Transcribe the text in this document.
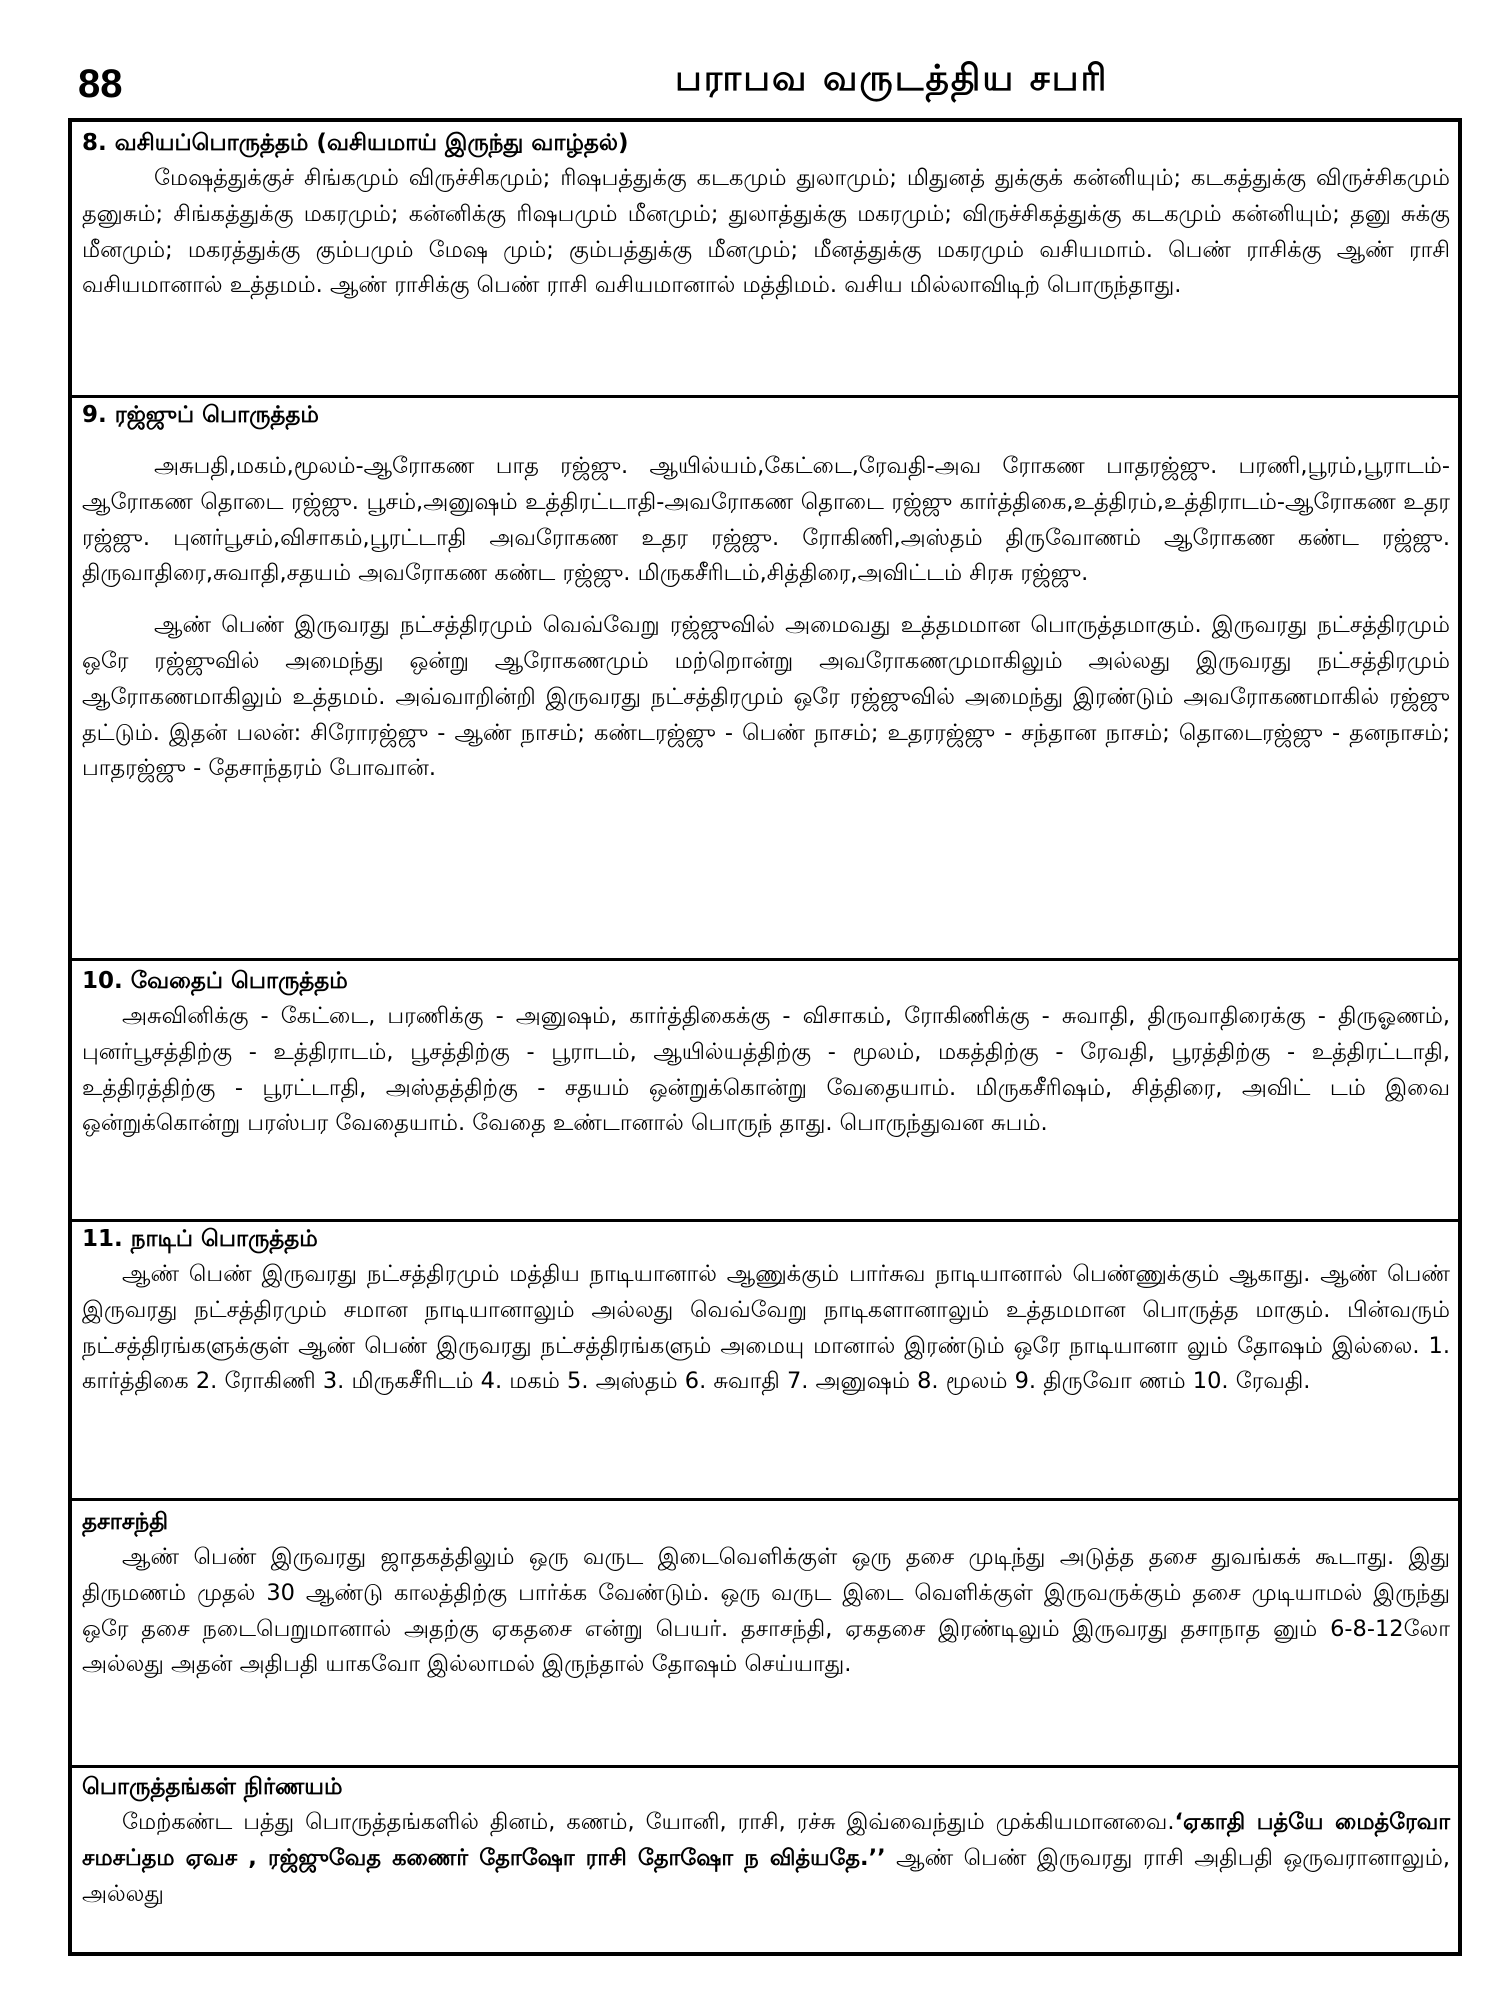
88	பராபவ வருடத்திய சபரி
8. வசியப்பொருத்தம் (வசியமாய் இருந்து வாழ்தல்)

மேஷத்துக்குச் சிங்கமும் விருச்சிகமும்; ரிஷபத்துக்கு கடகமும் துலாமும்; மிதுனத் துக்குக் கன்னியும்; கடகத்துக்கு விருச்சிகமும் தனுசும்; சிங்கத்துக்கு மகரமும்; கன்னிக்கு ரிஷபமும் மீனமும்; துலாத்துக்கு மகரமும்; விருச்சிகத்துக்கு கடகமும் கன்னியும்; தனு சுக்கு மீனமும்; மகரத்துக்கு கும்பமும் மேஷ மும்; கும்பத்துக்கு மீனமும்; மீனத்துக்கு மகரமும் வசியமாம். பெண் ராசிக்கு ஆண் ராசி வசியமானால் உத்தமம். ஆண் ராசிக்கு பெண் ராசி வசியமானால் மத்திமம். வசிய மில்லாவிடிற் பொருந்தாது.

9. ரஜ்ஜுப் பொருத்தம்

அசுபதி,மகம்,மூலம்-ஆரோகண பாத ரஜ்ஜு. ஆயில்யம்,கேட்டை,ரேவதி-அவ ரோகண பாதரஜ்ஜு. பரணி,பூரம்,பூராடம்- ஆரோகண தொடை ரஜ்ஜு. பூசம்,அனுஷம் உத்திரட்டாதி-அவரோகண தொடை ரஜ்ஜு கார்த்திகை,உத்திரம்,உத்திராடம்-ஆரோகண உதர ரஜ்ஜு. புனர்பூசம்,விசாகம்,பூரட்டாதி அவரோகண உதர ரஜ்ஜு. ரோகிணி,அஸ்தம் திருவோணம் ஆரோகண கண்ட ரஜ்ஜு. திருவாதிரை,சுவாதி,சதயம் அவரோகண கண்ட ரஜ்ஜு. மிருகசீரிடம்,சித்திரை,அவிட்டம் சிரசு ரஜ்ஜு.

ஆண் பெண் இருவரது நட்சத்திரமும் வெவ்வேறு ரஜ்ஜுவில் அமைவது உத்தமமான பொருத்தமாகும். இருவரது நட்சத்திரமும் ஒரே ரஜ்ஜுவில் அமைந்து ஒன்று ஆரோகணமும் மற்றொன்று அவரோகணமுமாகிலும் அல்லது இருவரது நட்சத்திரமும் ஆரோகணமாகிலும் உத்தமம். அவ்வாறின்றி இருவரது நட்சத்திரமும் ஒரே ரஜ்ஜுவில் அமைந்து இரண்டும் அவரோகணமாகில் ரஜ்ஜு தட்டும். இதன் பலன்: சிரோரஜ்ஜு - ஆண் நாசம்; கண்டரஜ்ஜு - பெண் நாசம்; உதரரஜ்ஜு - சந்தான நாசம்; தொடைரஜ்ஜு - தனநாசம்; பாதரஜ்ஜு - தேசாந்தரம் போவான்.

10. வேதைப் பொருத்தம்

அசுவினிக்கு - கேட்டை, பரணிக்கு - அனுஷம், கார்த்திகைக்கு - விசாகம், ரோகிணிக்கு - சுவாதி, திருவாதிரைக்கு - திருஓணம், புனர்பூசத்திற்கு - உத்திராடம், பூசத்திற்கு - பூராடம், ஆயில்யத்திற்கு - மூலம், மகத்திற்கு - ரேவதி, பூரத்திற்கு - உத்திரட்டாதி, உத்திரத்திற்கு - பூரட்டாதி, அஸ்தத்திற்கு - சதயம் ஒன்றுக்கொன்று வேதையாம். மிருகசீரிஷம், சித்திரை, அவிட் டம் இவை ஒன்றுக்கொன்று பரஸ்பர வேதையாம். வேதை உண்டானால் பொருந் தாது. பொருந்துவன சுபம்.

11. நாடிப் பொருத்தம்

ஆண் பெண் இருவரது நட்சத்திரமும் மத்திய நாடியானால் ஆணுக்கும் பார்சுவ நாடியானால் பெண்ணுக்கும் ஆகாது. ஆண் பெண் இருவரது நட்சத்திரமும் சமான நாடியானாலும் அல்லது வெவ்வேறு நாடிகளானாலும் உத்தமமான பொருத்த மாகும். பின்வரும் நட்சத்திரங்களுக்குள் ஆண் பெண் இருவரது நட்சத்திரங்களும் அமையு மானால் இரண்டும் ஒரே நாடியானா லும் தோஷம் இல்லை. 1. கார்த்திகை 2. ரோகிணி 3. மிருகசீரிடம் 4. மகம் 5. அஸ்தம் 6. சுவாதி 7. அனுஷம் 8. மூலம் 9. திருவோ ணம் 10. ரேவதி.

தசாசந்தி

ஆண் பெண் இருவரது ஜாதகத்திலும் ஒரு வருட இடைவெளிக்குள் ஒரு தசை முடிந்து அடுத்த தசை துவங்கக் கூடாது. இது திருமணம் முதல் 30 ஆண்டு காலத்திற்கு பார்க்க வேண்டும். ஒரு வருட இடை வெளிக்குள் இருவருக்கும் தசை முடியாமல் இருந்து ஒரே தசை நடைபெறுமானால் அதற்கு ஏகதசை என்று பெயர். தசாசந்தி, ஏகதசை இரண்டிலும் இருவரது தசாநாத னும் 6-8-12லோ அல்லது அதன் அதிபதி யாகவோ இல்லாமல் இருந்தால் தோஷம் செய்யாது.

பொருத்தங்கள் நிர்ணயம்

மேற்கண்ட பத்து பொருத்தங்களில் தினம், கணம், யோனி, ராசி, ரச்சு இவ்வைந்தும் முக்கியமானவை.‘ஏகாதி பத்யே மைத்ரேவா சமசப்தம ஏவச , ரஜ்ஜுவேத கணைர் தோஷோ ராசி தோஷோ ந வித்யதே.’’ ஆண் பெண் இருவரது ராசி அதிபதி ஒருவரானாலும், அல்லது
